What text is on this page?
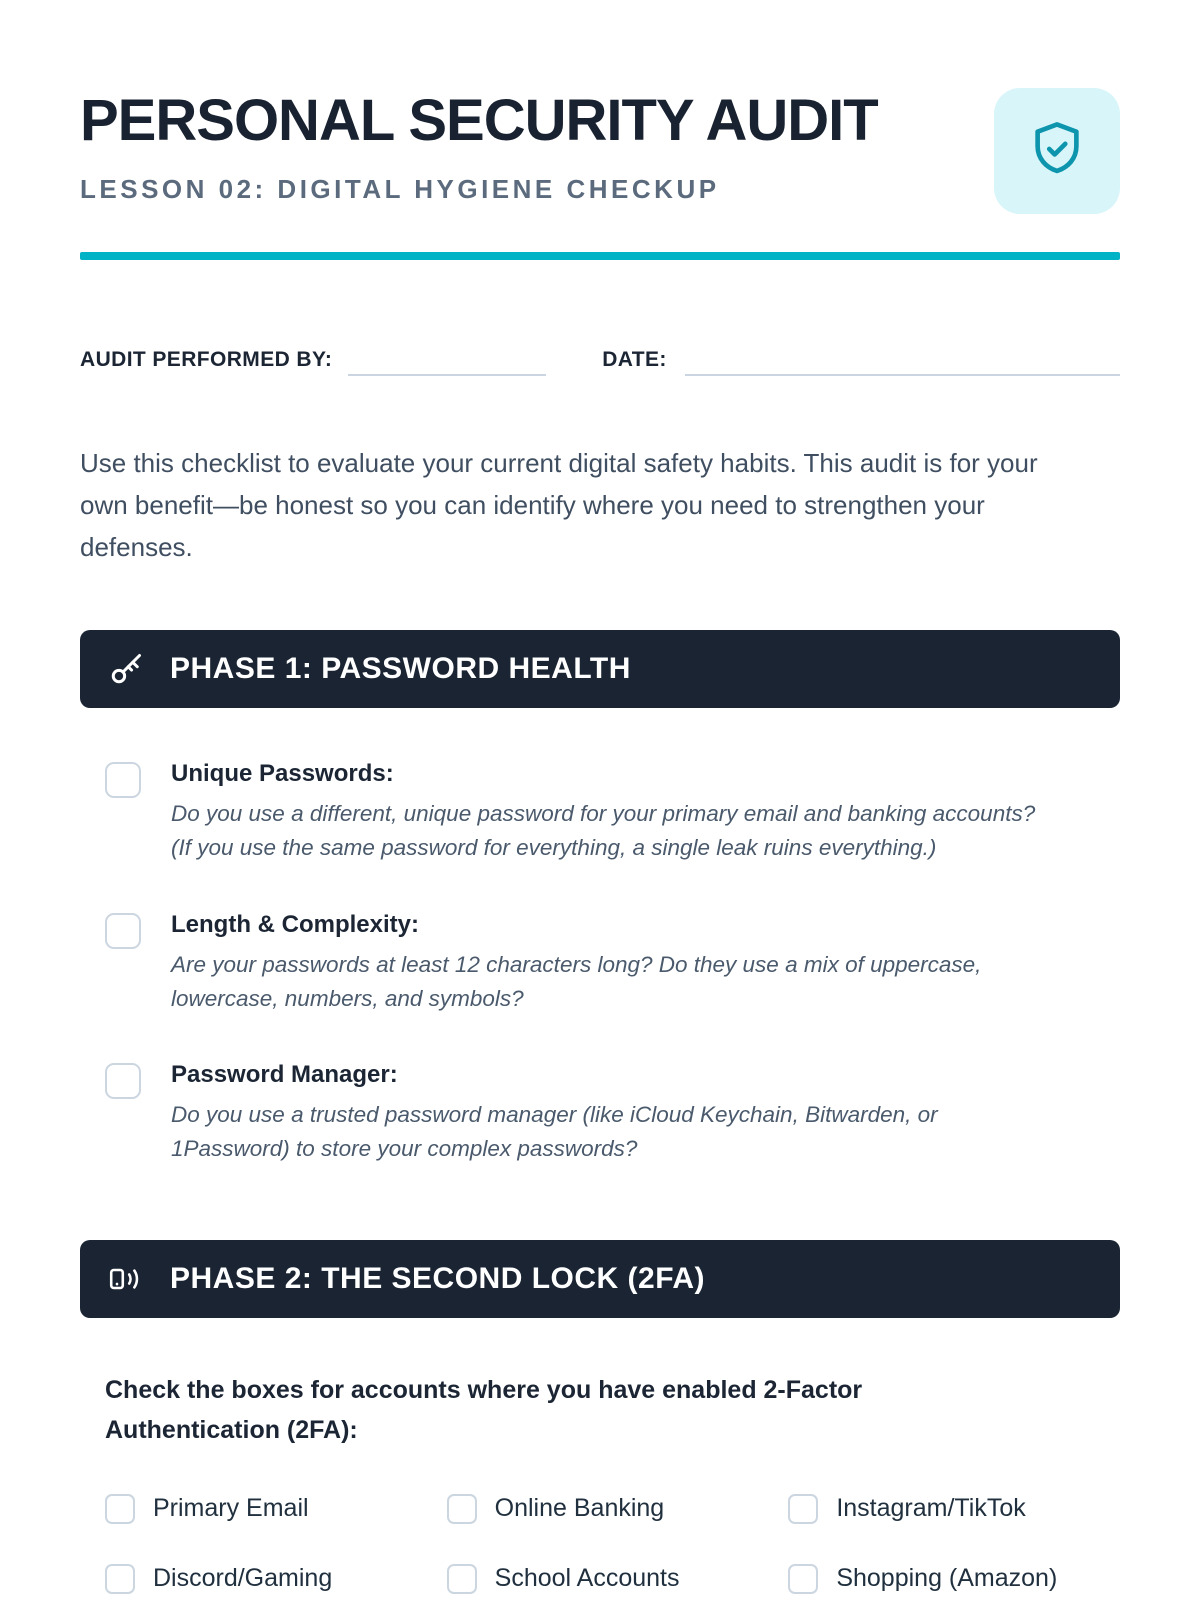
PERSONAL SECURITY AUDIT
LESSON 02: DIGITAL HYGIENE CHECKUP
AUDIT PERFORMED BY:	DATE:

Use this checklist to evaluate your current digital safety habits. This audit is for your own benefit—be honest so you can identify where you need to strengthen your defenses.

PHASE 1: PASSWORD HEALTH
Unique Passwords:
Do you use a different, unique password for your primary email and banking accounts? (If you use the same password for everything, a single leak ruins everything.)
Length & Complexity:
Are your passwords at least 12 characters long? Do they use a mix of uppercase, lowercase, numbers, and symbols?
Password Manager:
Do you use a trusted password manager (like iCloud Keychain, Bitwarden, or 1Password) to store your complex passwords?
PHASE 2: THE SECOND LOCK (2FA)

Check the boxes for accounts where you have enabled 2-Factor Authentication (2FA):

Primary Email	Online Banking	Instagram/TikTok
Discord/Gaming	School Accounts	Shopping (Amazon)
